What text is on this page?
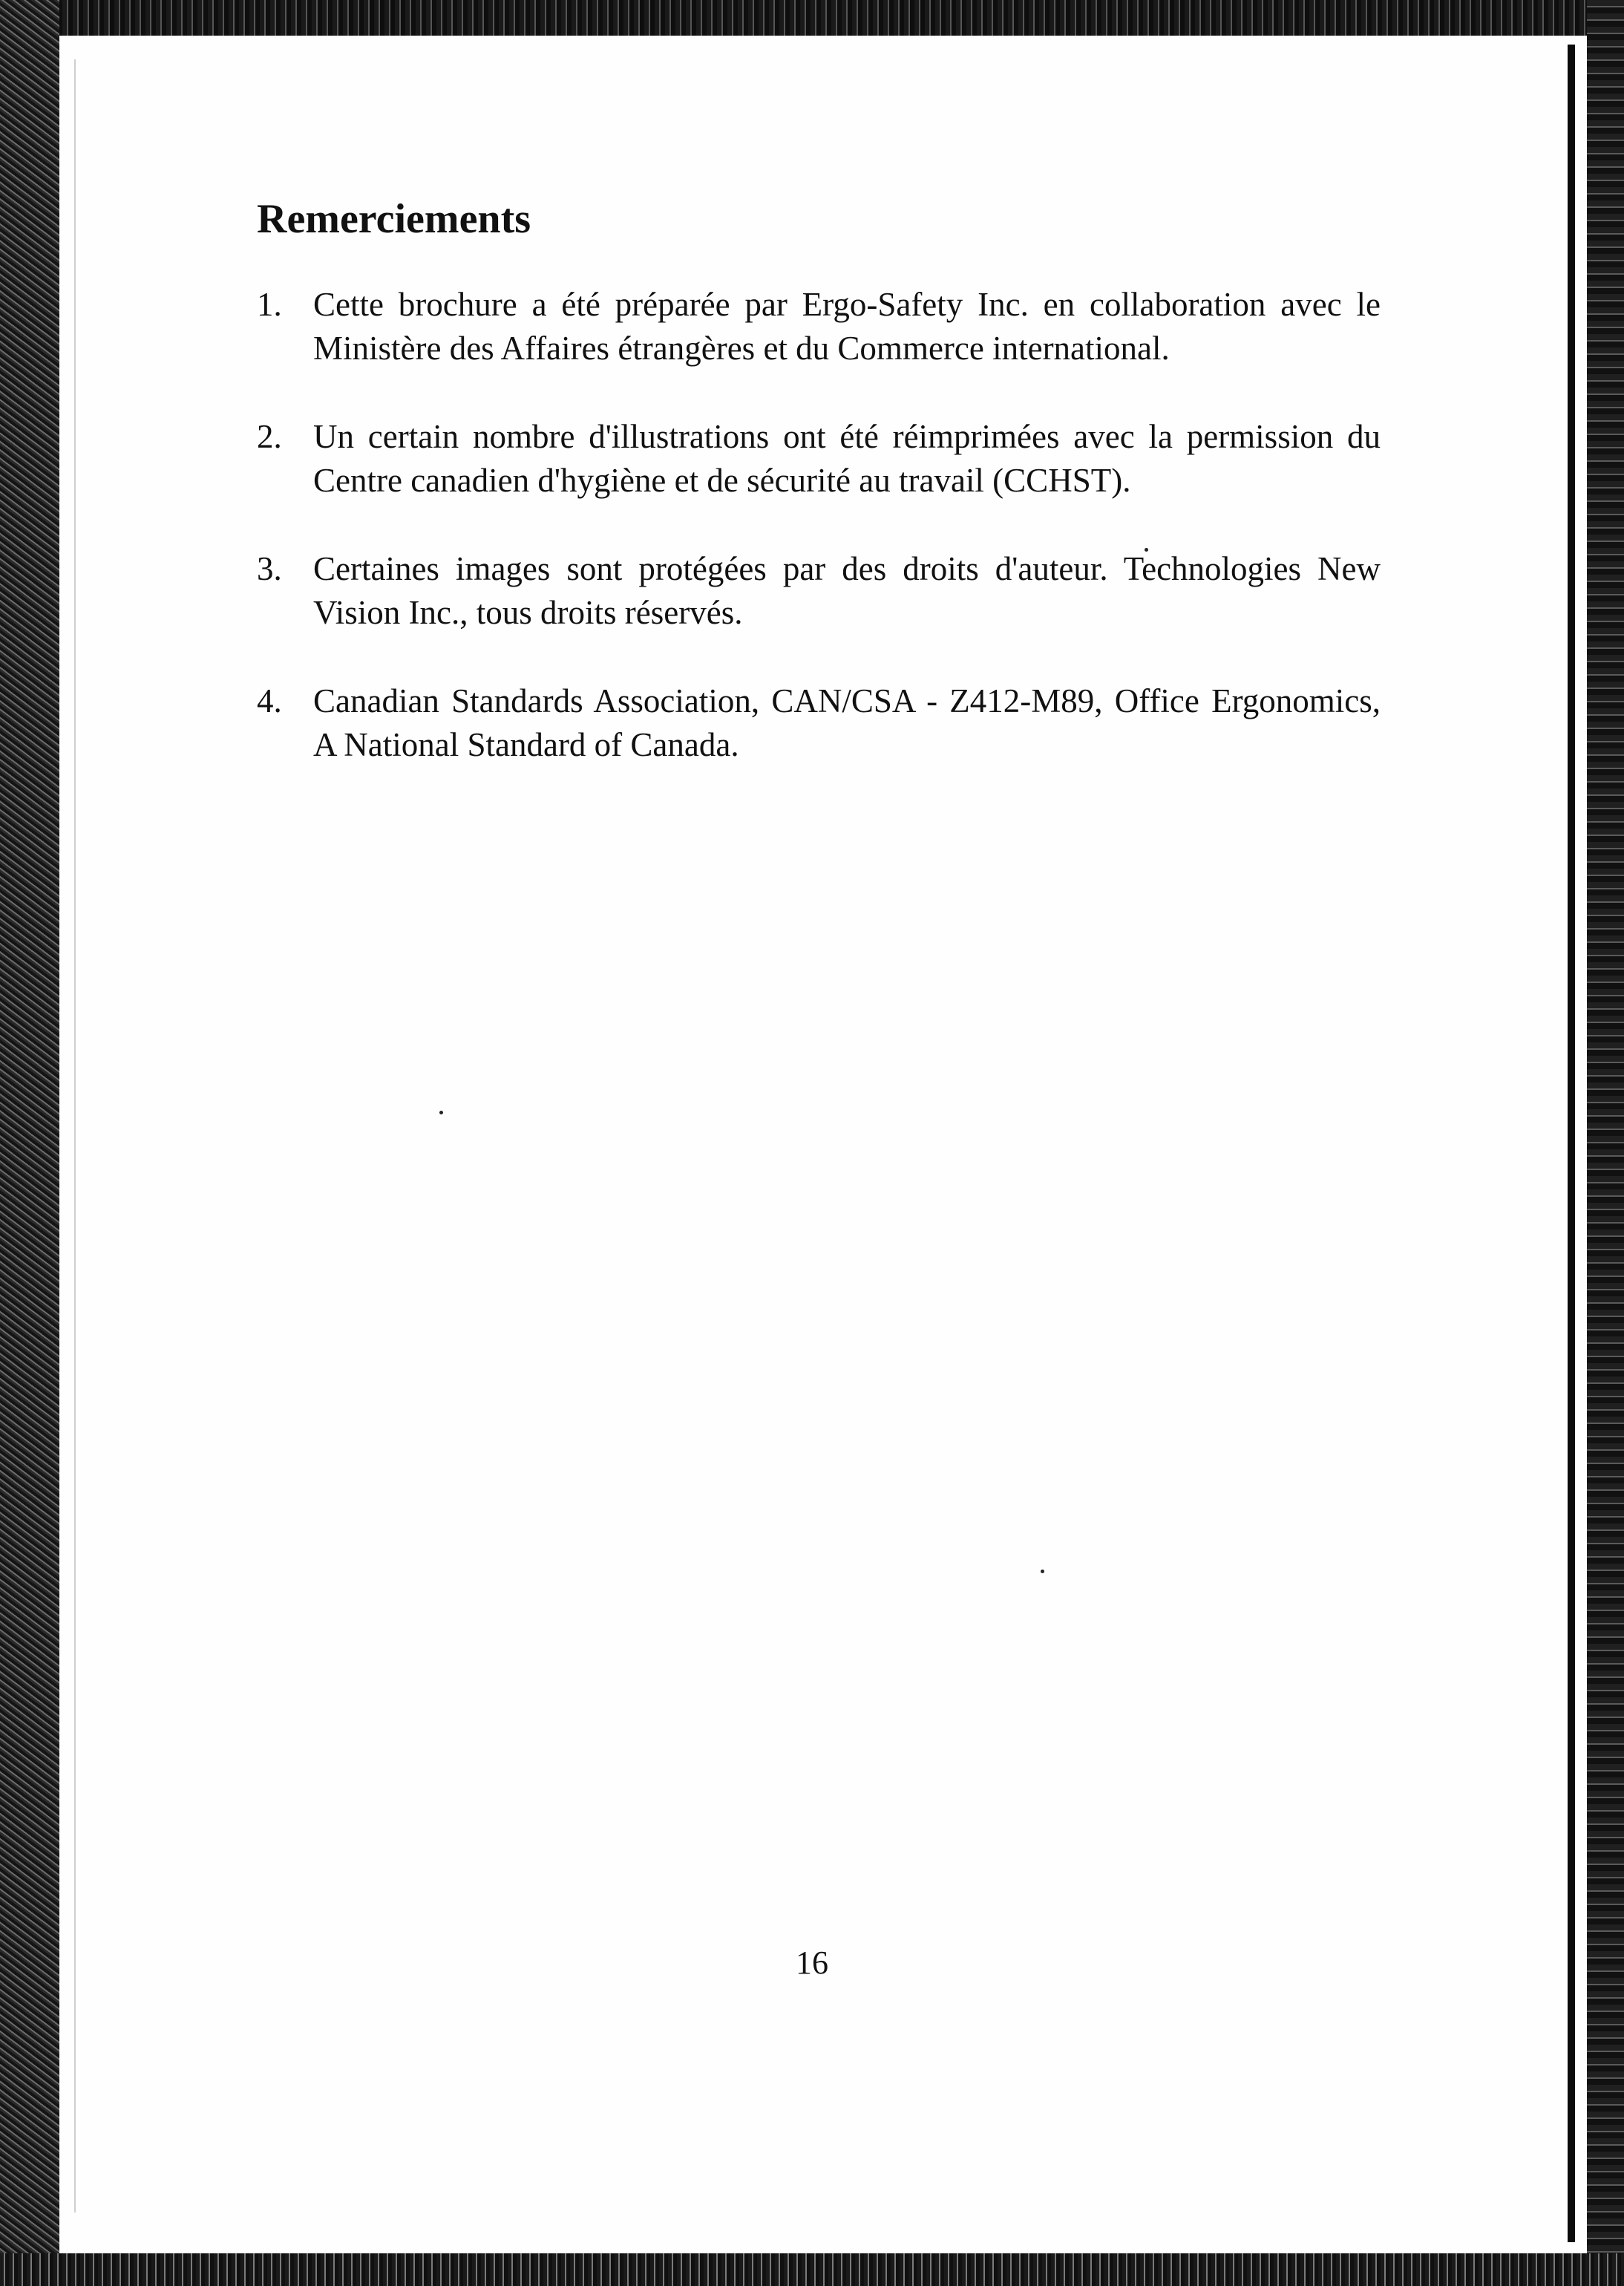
Remerciements
1. Cette brochure a été préparée par Ergo-Safety Inc. en collaboration avec le Ministère des Affaires étrangères et du Commerce international.
2. Un certain nombre d'illustrations ont été réimprimées avec la permission du Centre canadien d'hygiène et de sécurité au travail (CCHST).
3. Certaines images sont protégées par des droits d'auteur. Technologies New Vision Inc., tous droits réservés.
4. Canadian Standards Association, CAN/CSA - Z412-M89, Office Ergonomics, A National Standard of Canada.
16
